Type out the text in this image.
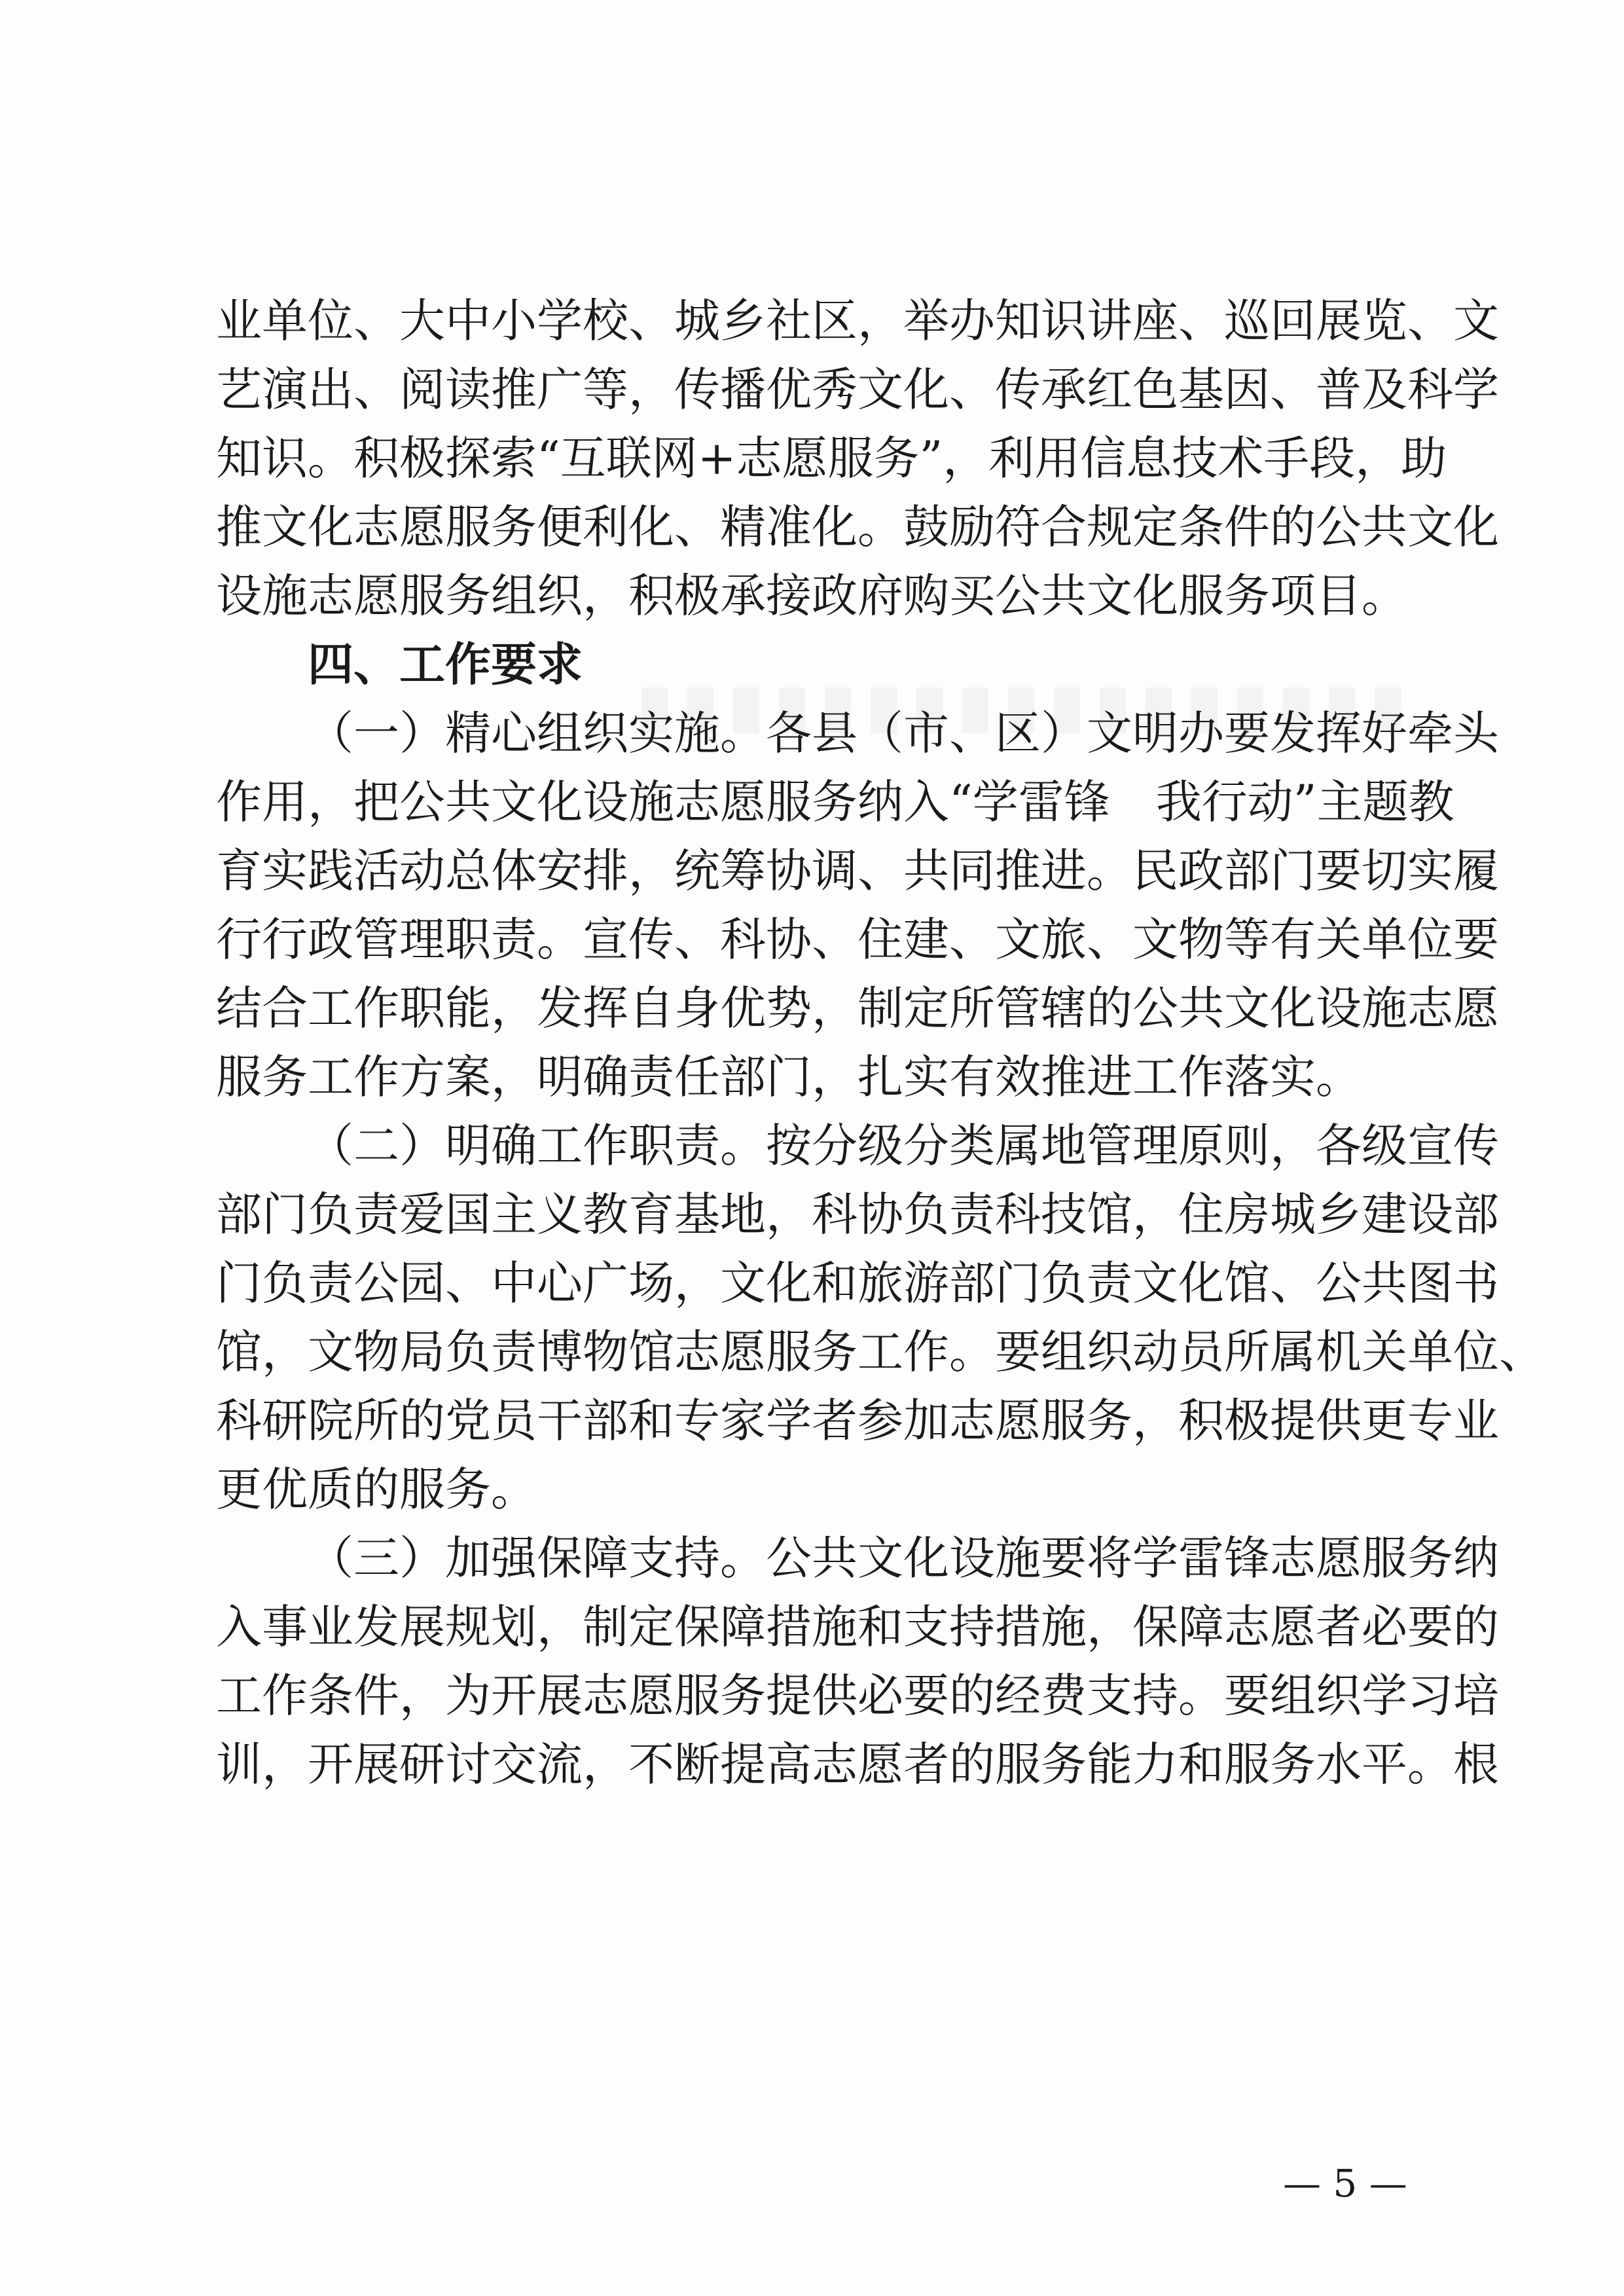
业单位、大中小学校、城乡社区，举办知识讲座、巡回展览、文
艺演出、阅读推广等，传播优秀文化、传承红色基因、普及科学
知识。积极探索“互联网+志愿服务”，利用信息技术手段，助
推文化志愿服务便利化、精准化。鼓励符合规定条件的公共文化
设施志愿服务组织，积极承接政府购买公共文化服务项目。
四、工作要求
（一）精心组织实施。各县（市、区）文明办要发挥好牵头
作用，把公共文化设施志愿服务纳入“学雷锋　我行动”主题教
育实践活动总体安排，统筹协调、共同推进。民政部门要切实履
行行政管理职责。宣传、科协、住建、文旅、文物等有关单位要
结合工作职能，发挥自身优势，制定所管辖的公共文化设施志愿
服务工作方案，明确责任部门，扎实有效推进工作落实。
（二）明确工作职责。按分级分类属地管理原则，各级宣传
部门负责爱国主义教育基地，科协负责科技馆，住房城乡建设部
门负责公园、中心广场，文化和旅游部门负责文化馆、公共图书
馆，文物局负责博物馆志愿服务工作。要组织动员所属机关单位、
科研院所的党员干部和专家学者参加志愿服务，积极提供更专业
更优质的服务。
（三）加强保障支持。公共文化设施要将学雷锋志愿服务纳
入事业发展规划，制定保障措施和支持措施，保障志愿者必要的
工作条件，为开展志愿服务提供必要的经费支持。要组织学习培
训，开展研讨交流，不断提高志愿者的服务能力和服务水平。根
— 5 —
